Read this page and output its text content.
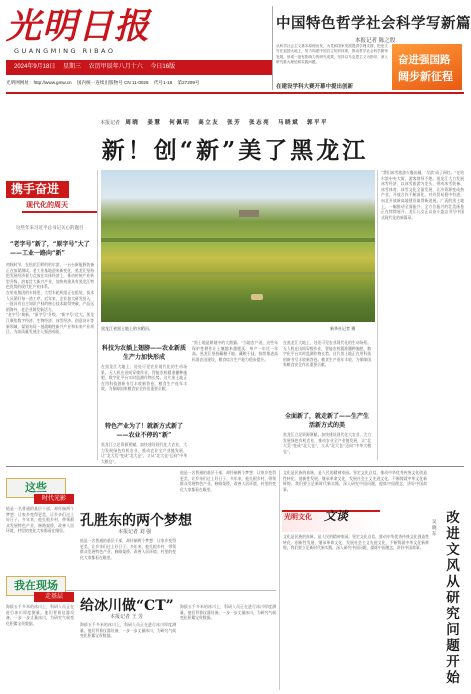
光明日报
GUANGMING RIBAO
2024年9月18日 星期三 农历甲辰年八月十六 今日16版
光明网网址：http://www.gmw.cn 国内统一连续出版物号 CN 11-0026 代号1-16 第27209号
中国特色哲学社会科学写新篇
本报记者 陈之殷
从科学社会主义基本原理出发，为党和国家发展提供学理支撑，把论文写在祖国大地上，努力构建中国自主知识体系，推动哲学社会科学繁荣发展，形成一批有影响力的研究成果，坚持以马克思主义为指导，深入研究重大理论和实践问题。	奋进强国路
阔步新征程
在建设学科大赛开幕中提出创新
本报记者 周 晓 姜 慧 何 佩 明 高 立 友 张 芳 张 志 亮 马 晓 斌 郭 平 平
新！创“新”美了黑龙江
携手奋进
现代化的周天
这些年来习近平总书记关心的题目
“老字号”新了，“原字号”大了——工业一路向“新”
初秋时节，在松花江畔的哈尔滨，一台台新能源装备正在加紧测试。老工业基地迎来新变化，黑龙江坚持把发展经济着力点放在实体经济上，推动传统产业转型升级，培育壮大新兴产业，加快构建具有黑龙江特色优势的现代化产业体系。
在哈电集团的车间里，大型水轮机组正在组装，技术人员紧盯每一道工序。近年来，企业加大研发投入，一批具有自主知识产权的核心技术取得突破，产品远销海外，老企业焕发新活力。
“老字号”焕新，“原字号”升级，“新字号”壮大。黑龙江聚焦数字经济、生物经济、冰雪经济、创意设计等新领域，谋划布局一批战略性新兴产业和未来产业项目，为高质量发展注入强劲动能。
黑龙江省黑土地上的水稻田。	新华社记者 摄
科技为农插上翅膀——农业新质生产力加快形成
在黑龙江大地上，处处可见农业现代化的生动场景。无人机在田间穿梭作业，智能农机精准播种施肥，数字化平台实时监测作物长势。这片黑土地正在用科技创新书写丰收新答卷。粮食生产连年丰收，为保障国家粮食安全作出重要贡献。
特色产业为了！就新方式新了——农业不停的“新”
黑龙江立足资源禀赋，加快建设现代化大农业，大力发展绿色有机农业，推动农业全产业链发展，让“北大荒”变成“北大仓”，又从“北大仓”迈向“中华大粮仓”。
“黑土地是耕地中的大熊猫。”当地农户说，这些年保护性耕作让土壤越来越肥沃，单产一年比一年高。黑龙江坚持藏粮于地、藏粮于技，持续推进高标准农田建设，粮食综合生产能力稳步提升。
在黑龙江大地上，处处可见农业现代化的生动场景。无人机在田间穿梭作业，智能农机精准播种施肥，数字化平台实时监测作物长势。这片黑土地正在用科技创新书写丰收新答卷。粮食生产连年丰收，为保障国家粮食安全作出重要贡献。
全面新了，就走新了——生产生活新方式的美
黑龙江立足资源禀赋，加快建设现代化大农业，大力发展绿色有机农业，推动农业全产业链发展，让“北大荒”变成“北大仓”，又从“北大仓”迈向“中华大粮仓”。
“我们冰雪旅游火爆出圈，‘尔滨’成了网红。”在哈尔滨中央大街，游客络绎不绝。黑龙江大力发展冰雪经济，以冰雪旅游为龙头，带动冰雪装备、冰雪体育、冰雪文化全面发展，让冷资源变成热产业。开放合作不断深化，对外贸易稳中有进，向北开放新高地建设取得新进展。广袤的黑土地上，一幅推动全面振兴、全方位振兴的壮美画卷正在徐徐展开，龙江儿女正以奋斗姿态书写中国式现代化的新篇章。
这些
时代光影
孔胜东的两个梦想
本报记者 刘 强
他是一名普通的基层干部，却怀揣两个梦想：让家乡变得更美，让乡亲们过上好日子。多年来，他扎根乡村，带领群众发展特色产业，修路架桥，改善人居环境，村里的变化大家都看在眼里。
他是一名普通的基层干部，却怀揣两个梦想：让家乡变得更美，让乡亲们过上好日子。多年来，他扎根乡村，带领群众发展特色产业，修路架桥，改善人居环境，村里的变化大家都看在眼里。
他是一名普通的基层干部，却怀揣两个梦想：让家乡变得更美，让乡亲们过上好日子。多年来，他扎根乡村，带领群众发展特色产业，修路架桥，改善人居环境，村里的变化大家都看在眼里。
我在现场
走基层
给冰川做“CT”
本报记者 王 芳
海拔五千多米的冰川上，科研人员正在进行冰川厚度测量。他们背着仪器设备，一步一步丈量冰川，为研究气候变化积累宝贵数据。	海拔五千多米的冰川上，科研人员正在进行冰川厚度测量。他们背着仪器设备，一步一步丈量冰川，为研究气候变化积累宝贵数据。
海拔五千多米的冰川上，科研人员正在进行冰川厚度测量。他们背着仪器设备，一步一步丈量冰川，为研究气候变化积累宝贵数据。
光明文化 文谈
文化是民族的血脉，是人民的精神家园。坚定文化自信，推动中华优秀传统文化创造性转化、创新性发展，继承革命文化，发展社会主义先进文化，不断铸就中华文化新辉煌。我们要立足新时代新实践，深入研究中国问题，提炼中国理念，讲好中国故事。
文化是民族的血脉，是人民的精神家园。坚定文化自信，推动中华优秀传统文化创造性转化、创新性发展，继承革命文化，发展社会主义先进文化，不断铸就中华文化新辉煌。我们要立足新时代新实践，深入研究中国问题，提炼中国理念，讲好中国故事。
吴晓东
改进文风从研究问题开始
